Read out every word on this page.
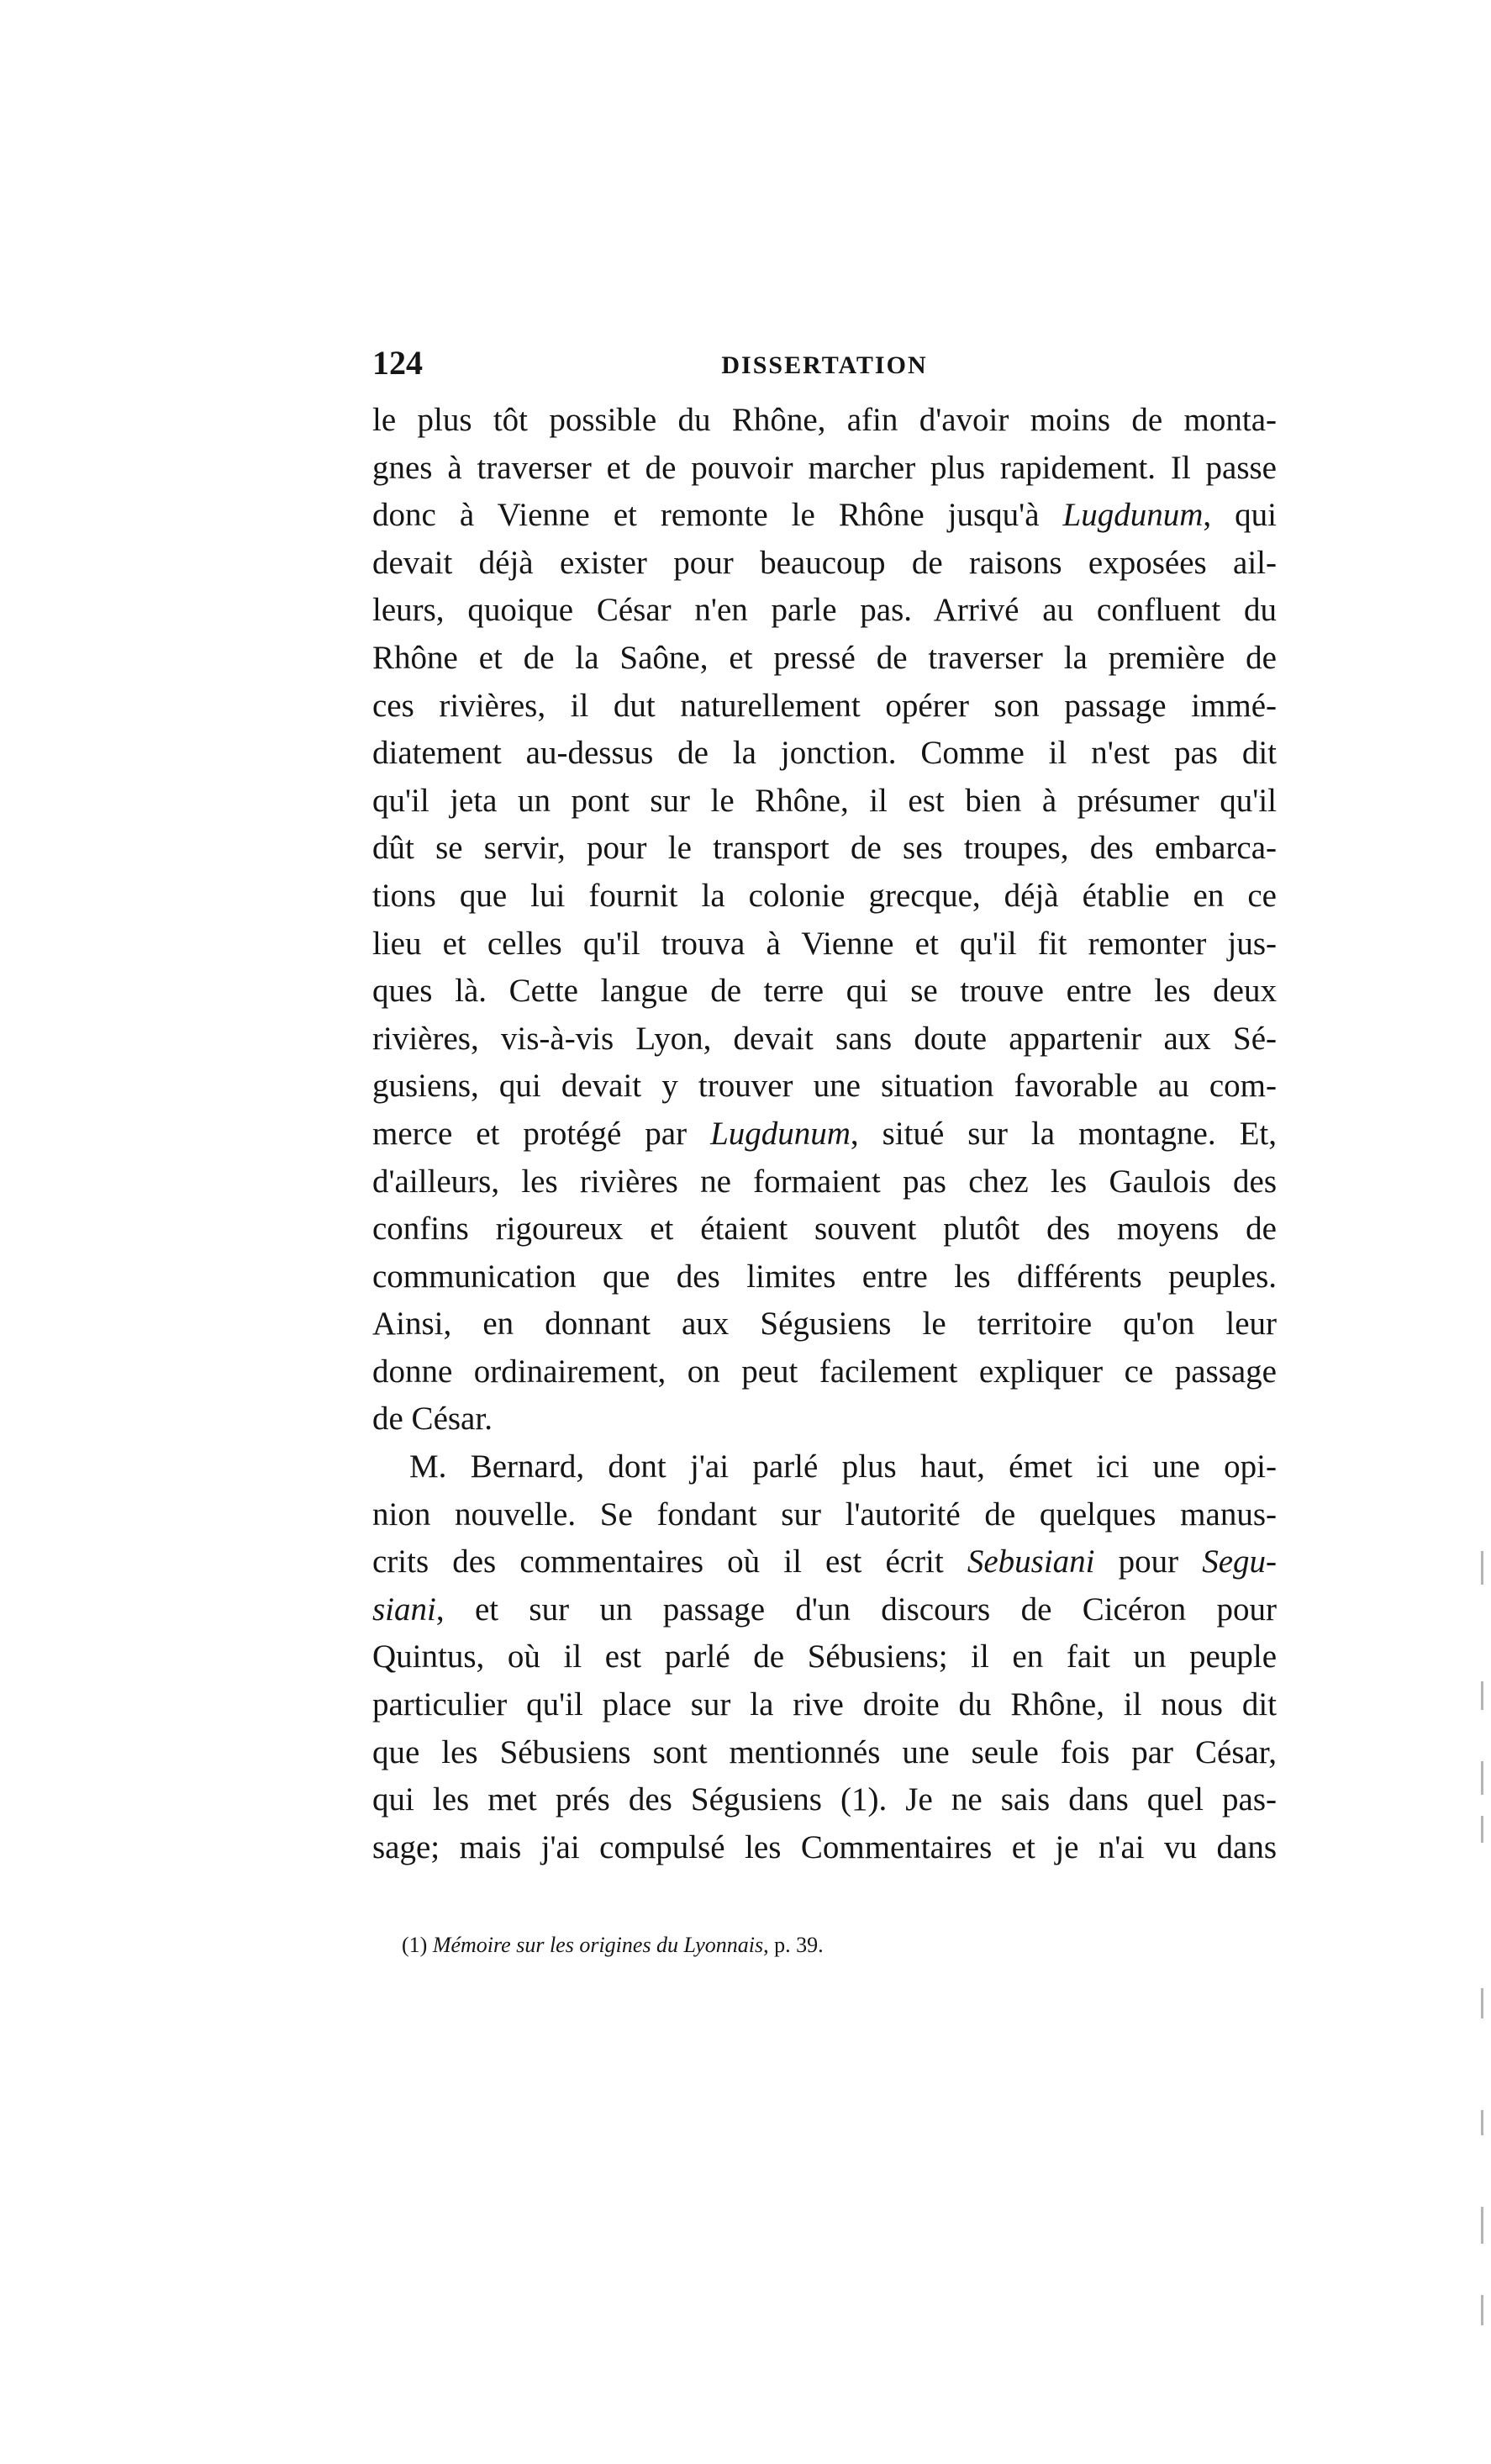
124	DISSERTATION
le plus tôt possible du Rhône, afin d'avoir moins de monta-
gnes à traverser et de pouvoir marcher plus rapidement. Il passe
donc à Vienne et remonte le Rhône jusqu'à Lugdunum, qui
devait déjà exister pour beaucoup de raisons exposées ail-
leurs, quoique César n'en parle pas. Arrivé au confluent du
Rhône et de la Saône, et pressé de traverser la première de
ces rivières, il dut naturellement opérer son passage immé-
diatement au-dessus de la jonction. Comme il n'est pas dit
qu'il jeta un pont sur le Rhône, il est bien à présumer qu'il
dût se servir, pour le transport de ses troupes, des embarca-
tions que lui fournit la colonie grecque, déjà établie en ce
lieu et celles qu'il trouva à Vienne et qu'il fit remonter jus-
ques là. Cette langue de terre qui se trouve entre les deux
rivières, vis-à-vis Lyon, devait sans doute appartenir aux Sé-
gusiens, qui devait y trouver une situation favorable au com-
merce et protégé par Lugdunum, situé sur la montagne. Et,
d'ailleurs, les rivières ne formaient pas chez les Gaulois des
confins rigoureux et étaient souvent plutôt des moyens de
communication que des limites entre les différents peuples.
Ainsi, en donnant aux Ségusiens le territoire qu'on leur
donne ordinairement, on peut facilement expliquer ce passage
de César.
M. Bernard, dont j'ai parlé plus haut, émet ici une opi-
nion nouvelle. Se fondant sur l'autorité de quelques manus-
crits des commentaires où il est écrit Sebusiani pour Segu-
siani, et sur un passage d'un discours de Cicéron pour
Quintus, où il est parlé de Sébusiens; il en fait un peuple
particulier qu'il place sur la rive droite du Rhône, il nous dit
que les Sébusiens sont mentionnés une seule fois par César,
qui les met prés des Ségusiens (1). Je ne sais dans quel pas-
sage; mais j'ai compulsé les Commentaires et je n'ai vu dans
(1) Mémoire sur les origines du Lyonnais, p. 39.
